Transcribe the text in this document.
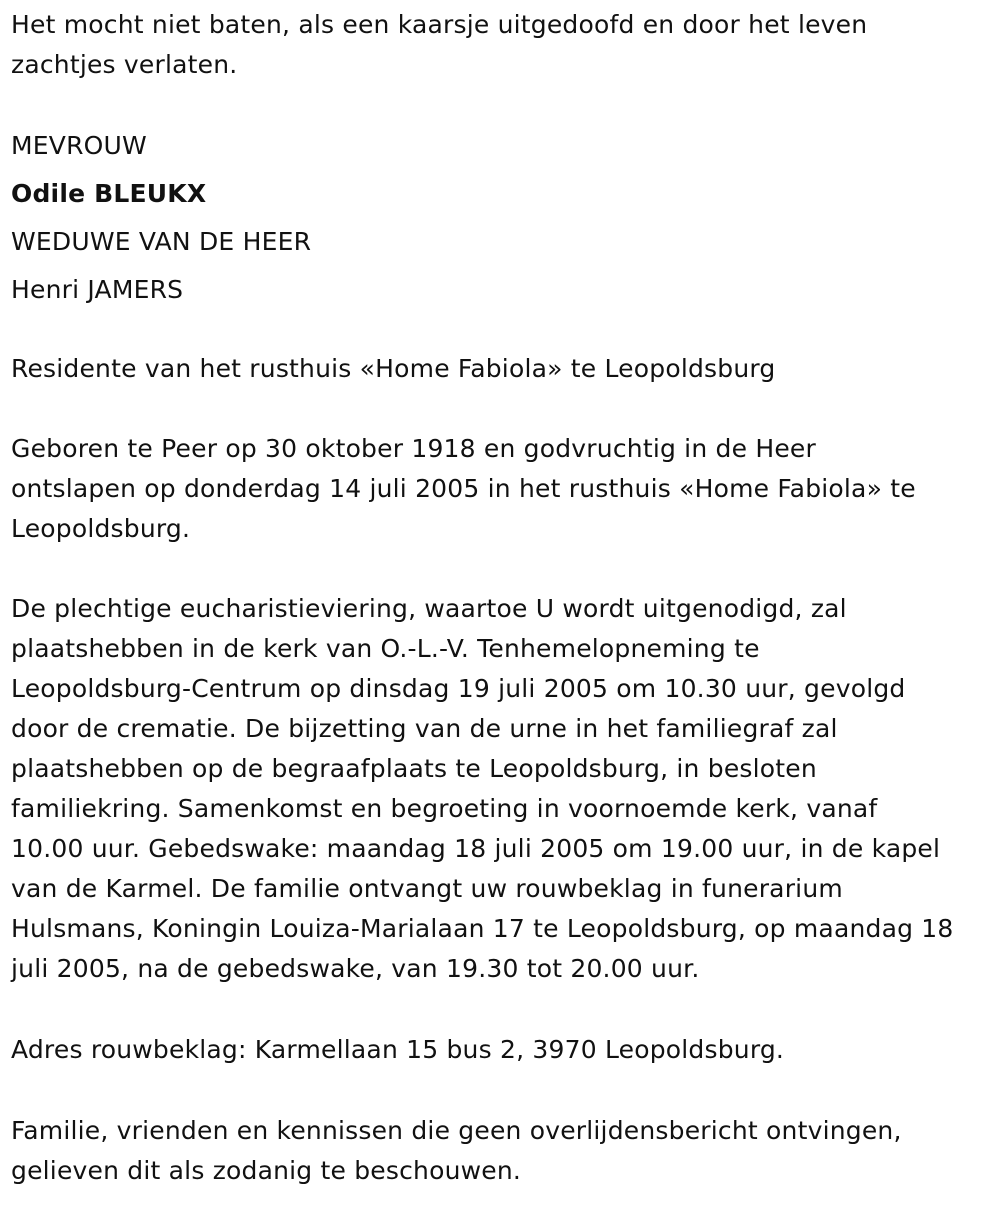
Het mocht niet baten, als een kaarsje uitgedoofd en door het leven
zachtjes verlaten.

MEVROUW
Odile BLEUKX
WEDUWE VAN DE HEER
Henri JAMERS

Residente van het rusthuis «Home Fabiola» te Leopoldsburg

Geboren te Peer op 30 oktober 1918 en godvruchtig in de Heer
ontslapen op donderdag 14 juli 2005 in het rusthuis «Home Fabiola» te
Leopoldsburg.

De plechtige eucharistieviering, waartoe U wordt uitgenodigd, zal
plaatshebben in de kerk van O.-L.-V. Tenhemelopneming te
Leopoldsburg-Centrum op dinsdag 19 juli 2005 om 10.30 uur, gevolgd
door de crematie. De bijzetting van de urne in het familiegraf zal
plaatshebben op de begraafplaats te Leopoldsburg, in besloten
familiekring. Samenkomst en begroeting in voornoemde kerk, vanaf
10.00 uur. Gebedswake: maandag 18 juli 2005 om 19.00 uur, in de kapel
van de Karmel. De familie ontvangt uw rouwbeklag in funerarium
Hulsmans, Koningin Louiza-Marialaan 17 te Leopoldsburg, op maandag 18
juli 2005, na de gebedswake, van 19.30 tot 20.00 uur.

Adres rouwbeklag: Karmellaan 15 bus 2, 3970 Leopoldsburg.

Familie, vrienden en kennissen die geen overlijdensbericht ontvingen,
gelieven dit als zodanig te beschouwen.
